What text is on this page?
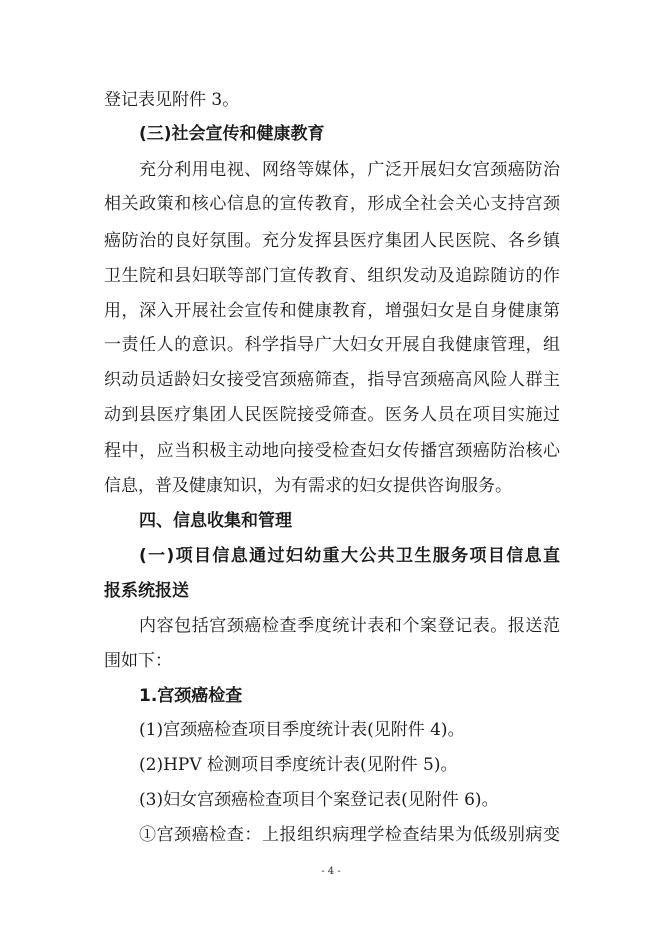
登记表见附件 3。
(三)社会宣传和健康教育
充分利用电视、网络等媒体，广泛开展妇女宫颈癌防治
相关政策和核心信息的宣传教育，形成全社会关心支持宫颈
癌防治的良好氛围。充分发挥县医疗集团人民医院、各乡镇
卫生院和县妇联等部门宣传教育、组织发动及追踪随访的作
用，深入开展社会宣传和健康教育，增强妇女是自身健康第
一责任人的意识。科学指导广大妇女开展自我健康管理，组
织动员适龄妇女接受宫颈癌筛查，指导宫颈癌高风险人群主
动到县医疗集团人民医院接受筛查。医务人员在项目实施过
程中，应当积极主动地向接受检查妇女传播宫颈癌防治核心
信息，普及健康知识，为有需求的妇女提供咨询服务。
四、信息收集和管理
(一)项目信息通过妇幼重大公共卫生服务项目信息直
报系统报送
内容包括宫颈癌检查季度统计表和个案登记表。报送范
围如下：
1.宫颈癌检查
(1)宫颈癌检查项目季度统计表(见附件 4)。
(2)HPV 检测项目季度统计表(见附件 5)。
(3)妇女宫颈癌检查项目个案登记表(见附件 6)。
①宫颈癌检查：上报组织病理学检查结果为低级别病变
- 4 -
